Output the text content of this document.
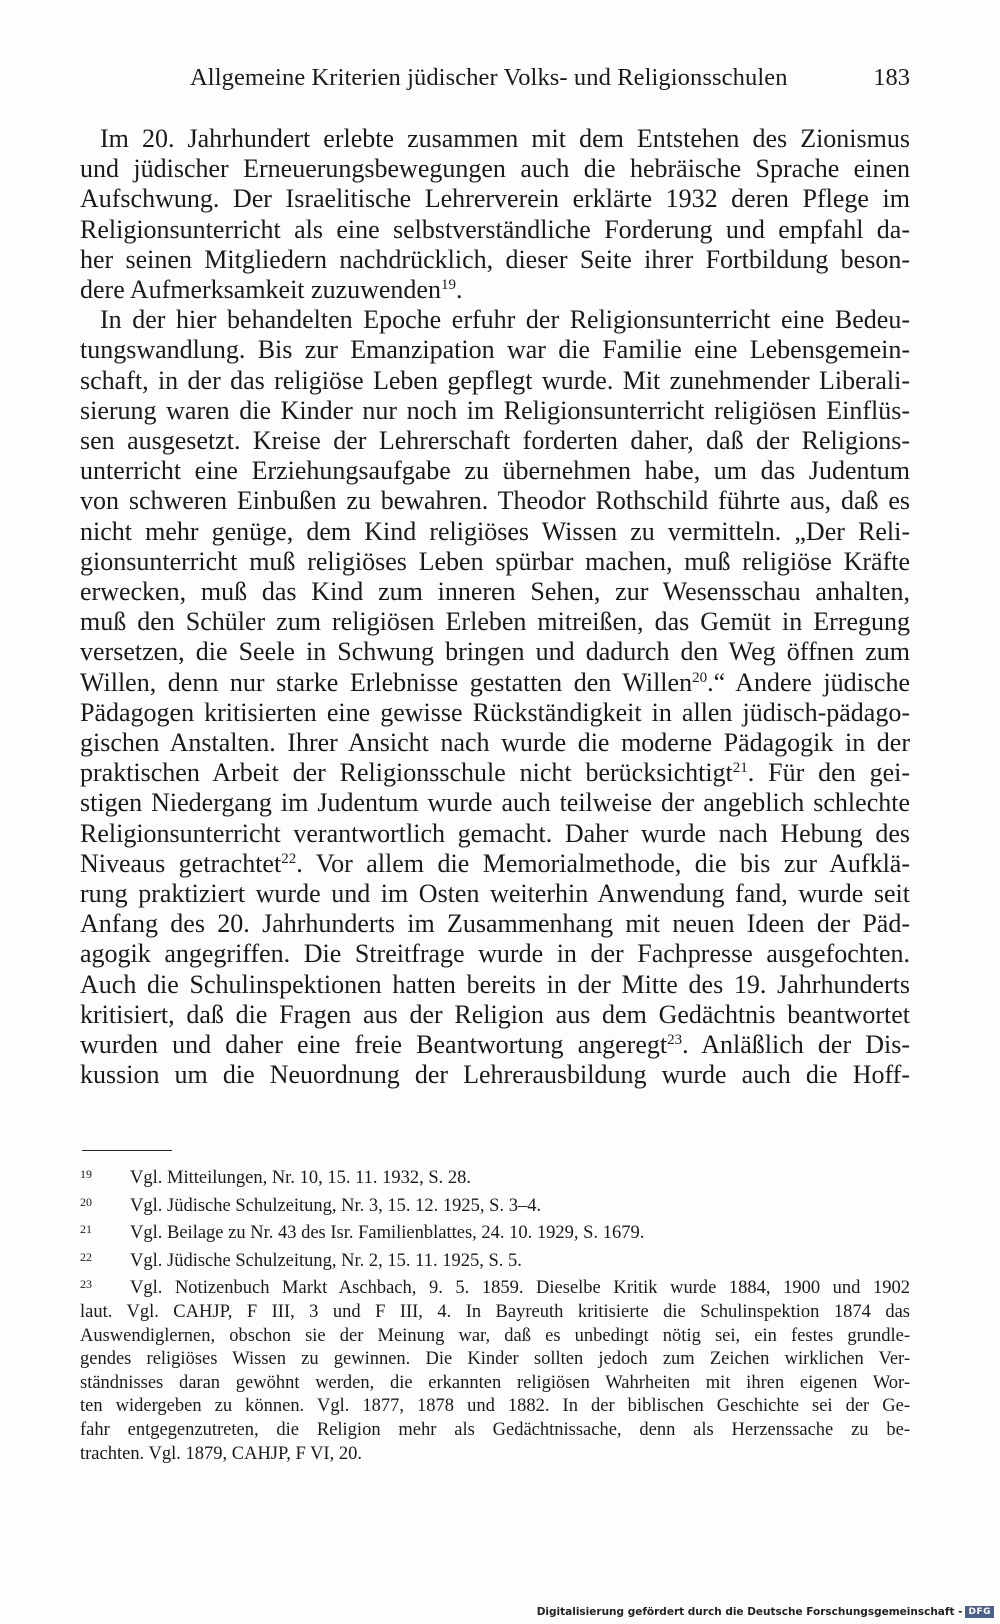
Allgemeine Kriterien jüdischer Volks- und Religionsschulen	183

Im 20. Jahrhundert erlebte zusammen mit dem Entstehen des Zionismus
und jüdischer Erneuerungsbewegungen auch die hebräische Sprache einen
Aufschwung. Der Israelitische Lehrerverein erklärte 1932 deren Pflege im
Religionsunterricht als eine selbstverständliche Forderung und empfahl da-
her seinen Mitgliedern nachdrücklich, dieser Seite ihrer Fortbildung beson-
dere Aufmerksamkeit zuzuwenden$^{19}$.

In der hier behandelten Epoche erfuhr der Religionsunterricht eine Bedeu-
tungswandlung. Bis zur Emanzipation war die Familie eine Lebensgemein-
schaft, in der das religiöse Leben gepflegt wurde. Mit zunehmender Liberali-
sierung waren die Kinder nur noch im Religionsunterricht religiösen Einflüs-
sen ausgesetzt. Kreise der Lehrerschaft forderten daher, daß der Religions-
unterricht eine Erziehungsaufgabe zu übernehmen habe, um das Judentum
von schweren Einbußen zu bewahren. Theodor Rothschild führte aus, daß es
nicht mehr genüge, dem Kind religiöses Wissen zu vermitteln. „Der Reli-
gionsunterricht muß religiöses Leben spürbar machen, muß religiöse Kräfte
erwecken, muß das Kind zum inneren Sehen, zur Wesensschau anhalten,
muß den Schüler zum religiösen Erleben mitreißen, das Gemüt in Erregung
versetzen, die Seele in Schwung bringen und dadurch den Weg öffnen zum
Willen, denn nur starke Erlebnisse gestatten den Willen$^{20}$.“ Andere jüdische
Pädagogen kritisierten eine gewisse Rückständigkeit in allen jüdisch-pädago-
gischen Anstalten. Ihrer Ansicht nach wurde die moderne Pädagogik in der
praktischen Arbeit der Religionsschule nicht berücksichtigt$^{21}$. Für den gei-
stigen Niedergang im Judentum wurde auch teilweise der angeblich schlechte
Religionsunterricht verantwortlich gemacht. Daher wurde nach Hebung des
Niveaus getrachtet$^{22}$. Vor allem die Memorialmethode, die bis zur Aufklä-
rung praktiziert wurde und im Osten weiterhin Anwendung fand, wurde seit
Anfang des 20. Jahrhunderts im Zusammenhang mit neuen Ideen der Päd-
agogik angegriffen. Die Streitfrage wurde in der Fachpresse ausgefochten.
Auch die Schulinspektionen hatten bereits in der Mitte des 19. Jahrhunderts
kritisiert, daß die Fragen aus der Religion aus dem Gedächtnis beantwortet
wurden und daher eine freie Beantwortung angeregt$^{23}$. Anläßlich der Dis-
kussion um die Neuordnung der Lehrerausbildung wurde auch die Hoff-

19 Vgl. Mitteilungen, Nr. 10, 15. 11. 1932, S. 28.
20 Vgl. Jüdische Schulzeitung, Nr. 3, 15. 12. 1925, S. 3–4.
21 Vgl. Beilage zu Nr. 43 des Isr. Familienblattes, 24. 10. 1929, S. 1679.
22 Vgl. Jüdische Schulzeitung, Nr. 2, 15. 11. 1925, S. 5.
23 Vgl. Notizenbuch Markt Aschbach, 9. 5. 1859. Dieselbe Kritik wurde 1884, 1900 und 1902
laut. Vgl. CAHJP, F III, 3 und F III, 4. In Bayreuth kritisierte die Schulinspektion 1874 das
Auswendiglernen, obschon sie der Meinung war, daß es unbedingt nötig sei, ein festes grundle-
gendes religiöses Wissen zu gewinnen. Die Kinder sollten jedoch zum Zeichen wirklichen Ver-
ständnisses daran gewöhnt werden, die erkannten religiösen Wahrheiten mit ihren eigenen Wor-
ten widergeben zu können. Vgl. 1877, 1878 und 1882. In der biblischen Geschichte sei der Ge-
fahr entgegenzutreten, die Religion mehr als Gedächtnissache, denn als Herzenssache zu be-
trachten. Vgl. 1879, CAHJP, F VI, 20.
Digitalisierung gefördert durch die Deutsche Forschungsgemeinschaft - DFG
